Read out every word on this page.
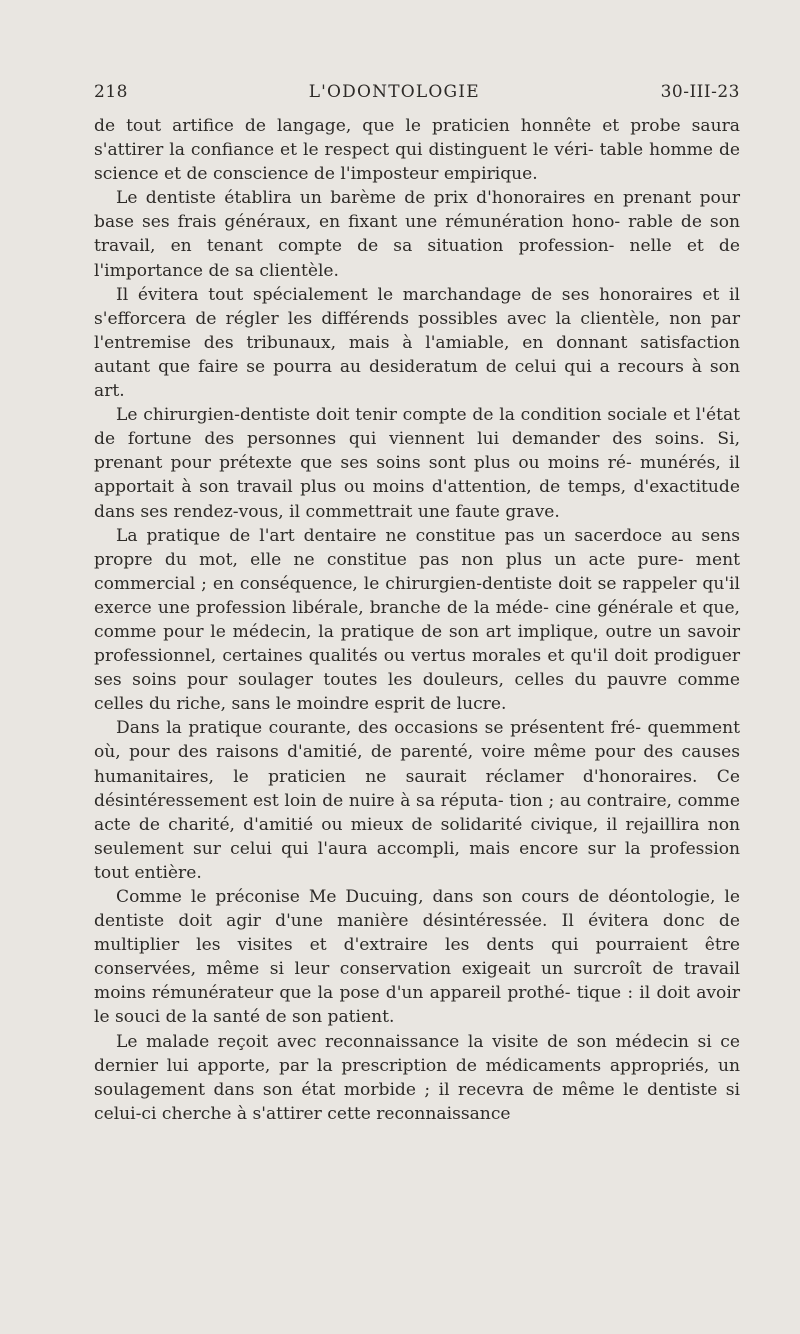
218	L'ODONTOLOGIE	30-III-23

de tout artifice de langage, que le praticien honnête et probe saura s'attirer la confiance et le respect qui distinguent le véri- table homme de science et de conscience de l'imposteur empirique.

Le dentiste établira un barème de prix d'honoraires en prenant pour base ses frais généraux, en fixant une rémunération hono- rable de son travail, en tenant compte de sa situation profession- nelle et de l'importance de sa clientèle.

Il évitera tout spécialement le marchandage de ses honoraires et il s'efforcera de régler les différends possibles avec la clientèle, non par l'entremise des tribunaux, mais à l'amiable, en donnant satisfaction autant que faire se pourra au desideratum de celui qui a recours à son art.

Le chirurgien-dentiste doit tenir compte de la condition sociale et l'état de fortune des personnes qui viennent lui demander des soins. Si, prenant pour prétexte que ses soins sont plus ou moins ré- munérés, il apportait à son travail plus ou moins d'attention, de temps, d'exactitude dans ses rendez-vous, il commettrait une faute grave.

La pratique de l'art dentaire ne constitue pas un sacerdoce au sens propre du mot, elle ne constitue pas non plus un acte pure- ment commercial ; en conséquence, le chirurgien-dentiste doit se rappeler qu'il exerce une profession libérale, branche de la méde- cine générale et que, comme pour le médecin, la pratique de son art implique, outre un savoir professionnel, certaines qualités ou vertus morales et qu'il doit prodiguer ses soins pour soulager toutes les douleurs, celles du pauvre comme celles du riche, sans le moindre esprit de lucre.

Dans la pratique courante, des occasions se présentent fré- quemment où, pour des raisons d'amitié, de parenté, voire même pour des causes humanitaires, le praticien ne saurait réclamer d'honoraires. Ce désintéressement est loin de nuire à sa réputa- tion ; au contraire, comme acte de charité, d'amitié ou mieux de solidarité civique, il rejaillira non seulement sur celui qui l'aura accompli, mais encore sur la profession tout entière.

Comme le préconise Me Ducuing, dans son cours de déontologie, le dentiste doit agir d'une manière désintéressée. Il évitera donc de multiplier les visites et d'extraire les dents qui pourraient être conservées, même si leur conservation exigeait un surcroît de travail moins rémunérateur que la pose d'un appareil prothé- tique : il doit avoir le souci de la santé de son patient.

Le malade reçoit avec reconnaissance la visite de son médecin si ce dernier lui apporte, par la prescription de médicaments appropriés, un soulagement dans son état morbide ; il recevra de même le dentiste si celui-ci cherche à s'attirer cette reconnaissance
